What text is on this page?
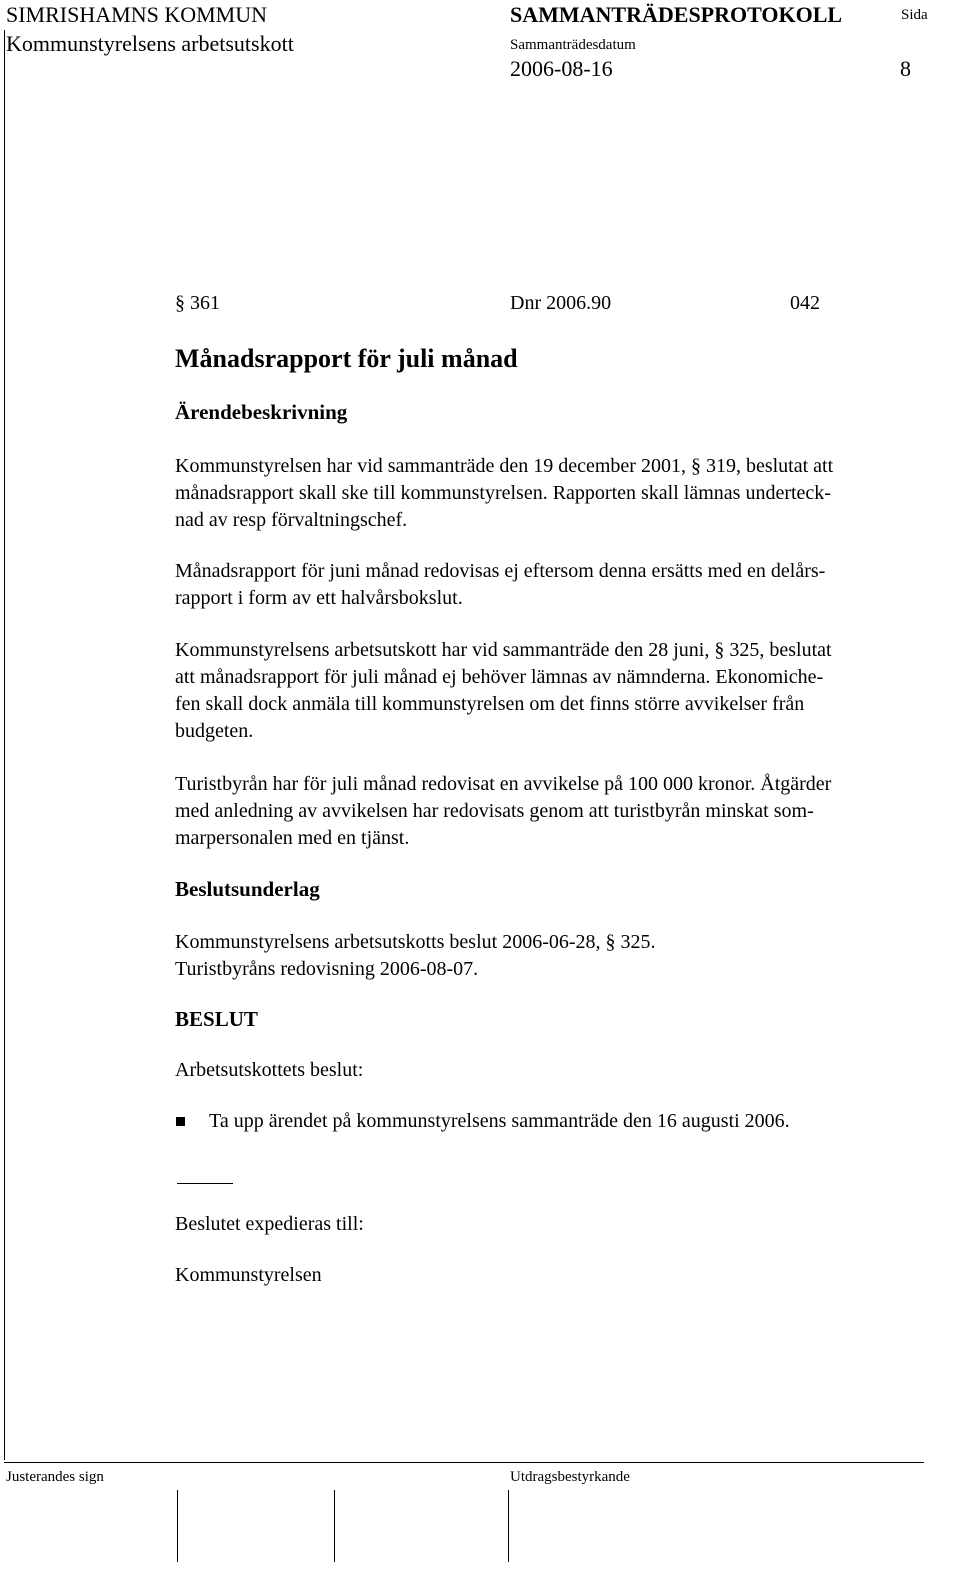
SIMRISHAMNS KOMMUN
Kommunstyrelsens arbetsutskott
SAMMANTRÄDESPROTOKOLL	Sida
Sammanträdesdatum
2006-08-16	8
§ 361	Dnr 2006.90	042
Månadsrapport för juli månad
Ärendebeskrivning
Kommunstyrelsen har vid sammanträde den 19 december 2001, § 319, beslutat att
månadsrapport skall ske till kommunstyrelsen. Rapporten skall lämnas underteck-
nad av resp förvaltningschef.
Månadsrapport för juni månad redovisas ej eftersom denna ersätts med en delårs-
rapport i form av ett halvårsbokslut.
Kommunstyrelsens arbetsutskott har vid sammanträde den 28 juni, § 325, beslutat
att månadsrapport för juli månad ej behöver lämnas av nämnderna. Ekonomiche-
fen skall dock anmäla till kommunstyrelsen om det finns större avvikelser från
budgeten.
Turistbyrån har för juli månad redovisat en avvikelse på 100 000 kronor. Åtgärder
med anledning av avvikelsen har redovisats genom att turistbyrån minskat som-
marpersonalen med en tjänst.
Beslutsunderlag
Kommunstyrelsens arbetsutskotts beslut 2006-06-28, § 325.
Turistbyråns redovisning 2006-08-07.
BESLUT
Arbetsutskottets beslut:
Ta upp ärendet på kommunstyrelsens sammanträde den 16 augusti 2006.
Beslutet expedieras till:
Kommunstyrelsen
Justerandes sign	Utdragsbestyrkande
